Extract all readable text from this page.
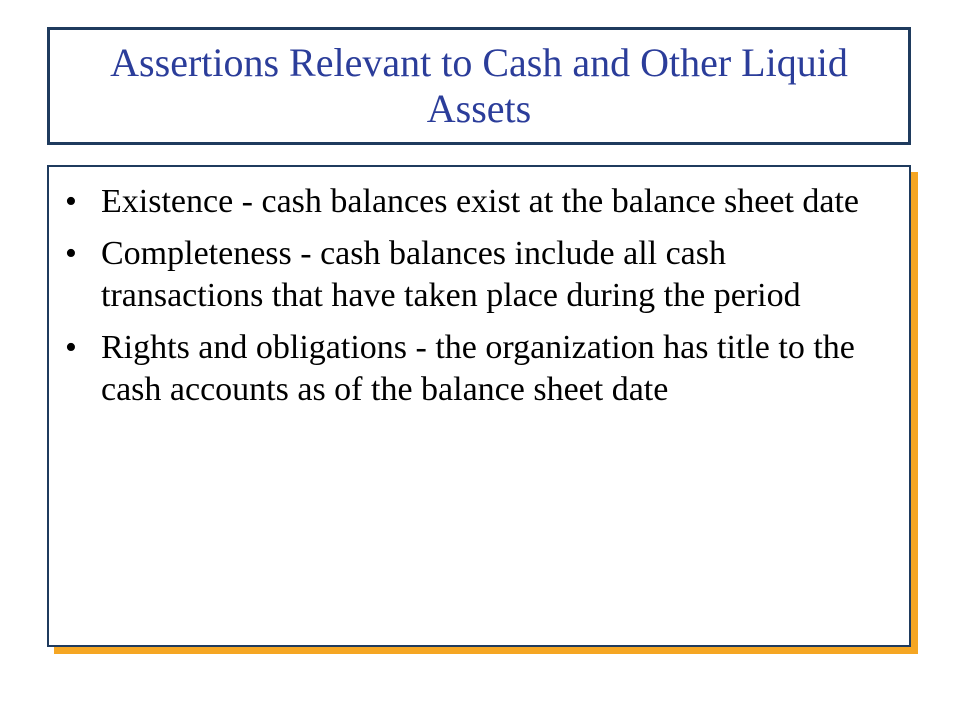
Assertions Relevant to Cash and Other Liquid Assets
• Existence - cash balances exist at the balance sheet date
• Completeness - cash balances include all cash transactions that have taken place during the period
• Rights and obligations - the organization has title to the cash accounts as of the balance sheet date
